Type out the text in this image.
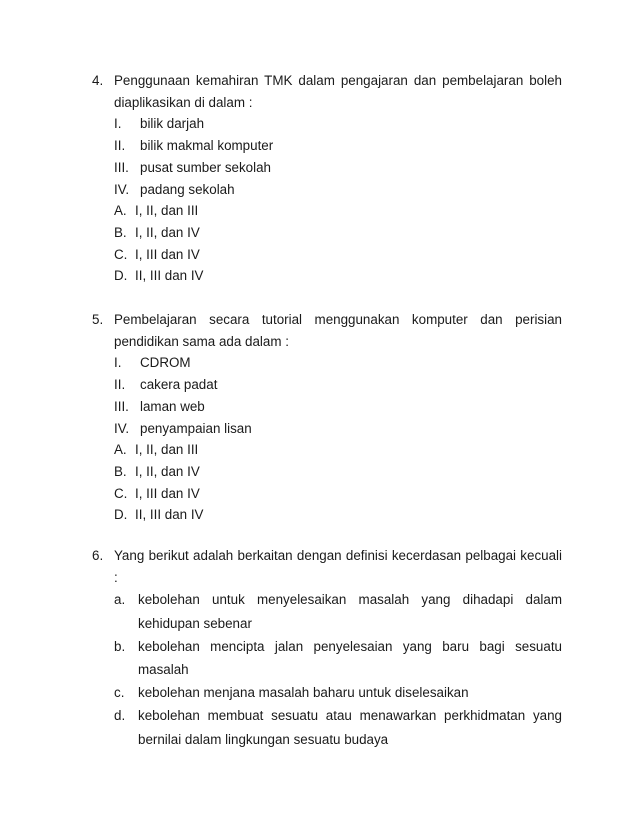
4. Penggunaan kemahiran TMK dalam pengajaran dan pembelajaran boleh diaplikasikan di dalam :
I.	bilik darjah
II.	bilik makmal komputer
III. pusat sumber sekolah
IV. padang sekolah
A. I, II, dan III
B. I, II, dan IV
C. I, III dan IV
D. II, III dan IV
5. Pembelajaran secara tutorial menggunakan komputer dan perisian pendidikan sama ada dalam :
I.	CDROM
II.	cakera padat
III. laman web
IV. penyampaian lisan
A. I, II, dan III
B. I, II, dan IV
C. I, III dan IV
D. II, III dan IV
6. Yang berikut adalah berkaitan dengan definisi kecerdasan pelbagai kecuali :
a. kebolehan untuk menyelesaikan masalah yang dihadapi dalam kehidupan sebenar
b. kebolehan mencipta jalan penyelesaian yang baru bagi sesuatu masalah
c.	kebolehan menjana masalah baharu untuk diselesaikan
d. kebolehan membuat sesuatu atau menawarkan perkhidmatan yang bernilai dalam lingkungan sesuatu budaya
